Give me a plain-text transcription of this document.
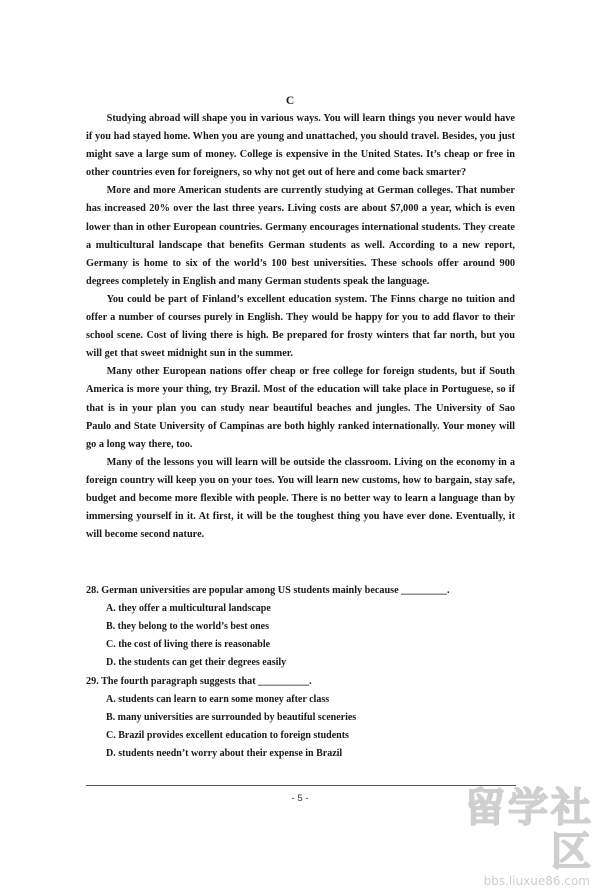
C

Studying abroad will shape you in various ways. You will learn things you never would have if you had stayed home. When you are young and unattached, you should travel. Besides, you just might save a large sum of money. College is expensive in the United States. It’s cheap or free in other countries even for foreigners, so why not get out of here and come back smarter?

More and more American students are currently studying at German colleges. That number has increased 20% over the last three years. Living costs are about $7,000 a year, which is even lower than in other European countries. Germany encourages international students. They create a multicultural landscape that benefits German students as well. According to a new report, Germany is home to six of the world’s 100 best universities. These schools offer around 900 degrees completely in English and many German students speak the language.

You could be part of Finland’s excellent education system. The Finns charge no tuition and offer a number of courses purely in English. They would be happy for you to add flavor to their school scene. Cost of living there is high. Be prepared for frosty winters that far north, but you will get that sweet midnight sun in the summer.

Many other European nations offer cheap or free college for foreign students, but if South America is more your thing, try Brazil. Most of the education will take place in Portuguese, so if that is in your plan you can study near beautiful beaches and jungles. The University of Sao Paulo and State University of Campinas are both highly ranked internationally. Your money will go a long way there, too.

Many of the lessons you will learn will be outside the classroom. Living on the economy in a foreign country will keep you on your toes. You will learn new customs, how to bargain, stay safe, budget and become more flexible with people. There is no better way to learn a language than by immersing yourself in it. At first, it will be the toughest thing you have ever done. Eventually, it will become second nature.

28. German universities are popular among US students mainly because _________.

A. they offer a multicultural landscape

B. they belong to the world’s best ones

C. the cost of living there is reasonable

D. the students can get their degrees easily

29. The fourth paragraph suggests that __________.

A. students can learn to earn some money after class

B. many universities are surrounded by beautiful sceneries

C. Brazil provides excellent education to foreign students

D. students needn’t worry about their expense in Brazil

- 5 -	留学社区
bbs.liuxue86.com
